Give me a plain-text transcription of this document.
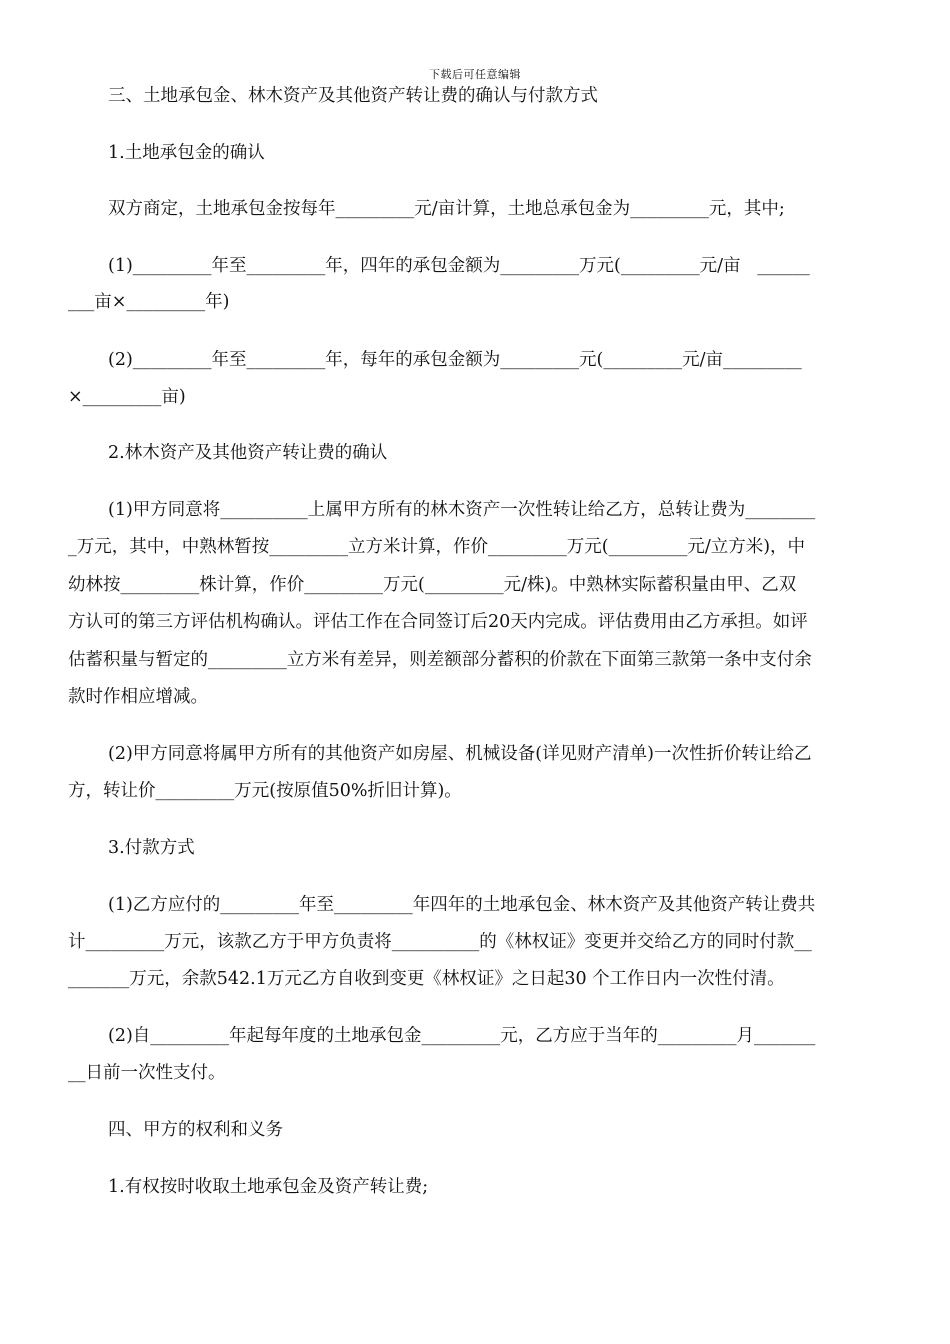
下载后可任意编辑
三、土地承包金、林木资产及其他资产转让费的确认与付款方式
1.土地承包金的确认
双方商定，土地承包金按每年_________元/亩计算，土地总承包金为_________元，其中;
(1)_________年至_________年，四年的承包金额为_________万元(_________元/亩   ______
___亩×_________年)
(2)_________年至_________年，每年的承包金额为_________元(_________元/亩_________
×_________亩)
2.林木资产及其他资产转让费的确认
(1)甲方同意将__________上属甲方所有的林木资产一次性转让给乙方，总转让费为________
_万元，其中，中熟林暂按_________立方米计算，作价_________万元(_________元/立方米)，中
幼林按_________株计算，作价_________万元(_________元/株)。中熟林实际蓄积量由甲、乙双
方认可的第三方评估机构确认。评估工作在合同签订后20天内完成。评估费用由乙方承担。如评
估蓄积量与暂定的_________立方米有差异，则差额部分蓄积的价款在下面第三款第一条中支付余
款时作相应增减。
(2)甲方同意将属甲方所有的其他资产如房屋、机械设备(详见财产清单)一次性折价转让给乙
方，转让价_________万元(按原值50%折旧计算)。
3.付款方式
(1)乙方应付的_________年至_________年四年的土地承包金、林木资产及其他资产转让费共
计_________万元，该款乙方于甲方负责将__________的《林权证》变更并交给乙方的同时付款__
_______万元，余款542.1万元乙方自收到变更《林权证》之日起30 个工作日内一次性付清。
(2)自_________年起每年度的土地承包金_________元，乙方应于当年的_________月_______
__日前一次性支付。
四、甲方的权利和义务
1.有权按时收取土地承包金及资产转让费;
